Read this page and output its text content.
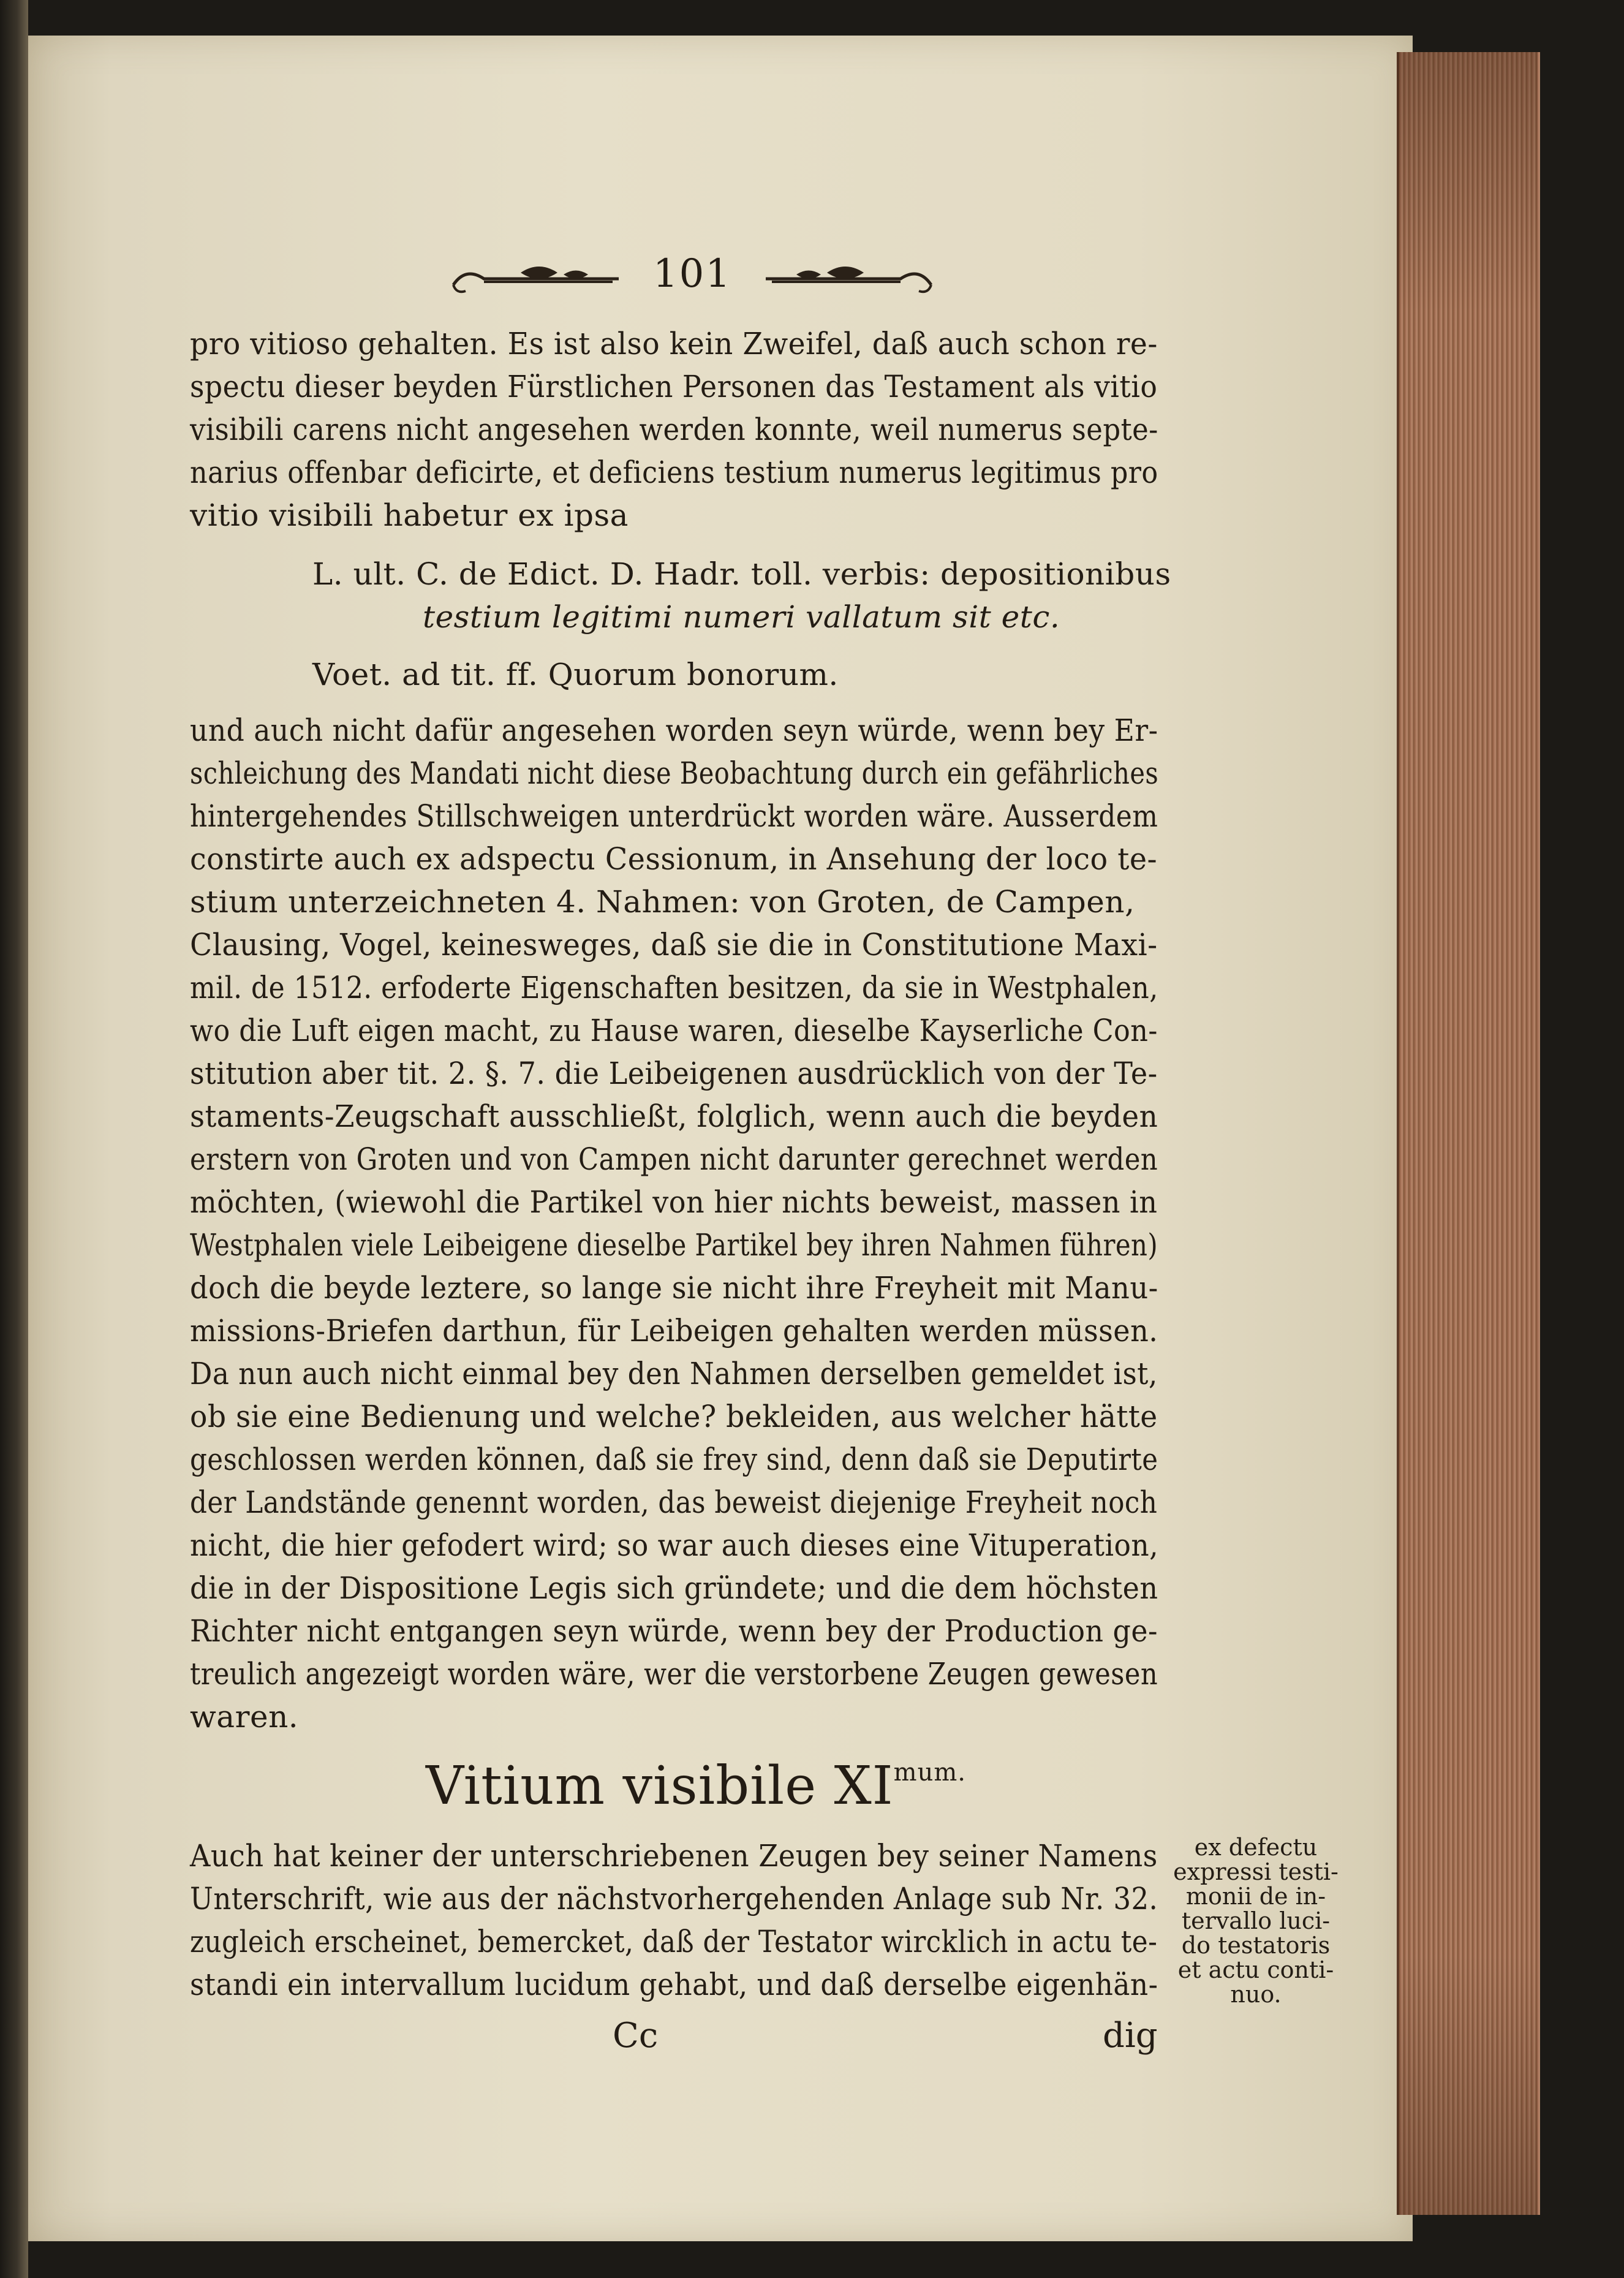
101
pro vitioso gehalten. Es ist also kein Zweifel, daß auch schon re-
spectu dieser beyden Fürstlichen Personen das Testament als vitio
visibili carens nicht angesehen werden konnte, weil numerus septe-
narius offenbar deficirte, et deficiens testium numerus legitimus pro
vitio visibili habetur ex ipsa
L. ult. C. de Edict. D. Hadr. toll. verbis: depositionibus
testium legitimi numeri vallatum sit etc.
Voet. ad tit. ff. Quorum bonorum.
und auch nicht dafür angesehen worden seyn würde, wenn bey Er-
schleichung des Mandati nicht diese Beobachtung durch ein gefährliches
hintergehendes Stillschweigen unterdrückt worden wäre. Ausserdem
constirte auch ex adspectu Cessionum, in Ansehung der loco te-
stium unterzeichneten 4. Nahmen: von Groten, de Campen,
Clausing, Vogel, keinesweges, daß sie die in Constitutione Maxi-
mil. de 1512. erfoderte Eigenschaften besitzen, da sie in Westphalen,
wo die Luft eigen macht, zu Hause waren, dieselbe Kayserliche Con-
stitution aber tit. 2. §. 7. die Leibeigenen ausdrücklich von der Te-
staments-Zeugschaft ausschließt, folglich, wenn auch die beyden
erstern von Groten und von Campen nicht darunter gerechnet werden
möchten, (wiewohl die Partikel von hier nichts beweist, massen in
Westphalen viele Leibeigene dieselbe Partikel bey ihren Nahmen führen)
doch die beyde leztere, so lange sie nicht ihre Freyheit mit Manu-
missions-Briefen darthun, für Leibeigen gehalten werden müssen.
Da nun auch nicht einmal bey den Nahmen derselben gemeldet ist,
ob sie eine Bedienung und welche? bekleiden, aus welcher hätte
geschlossen werden können, daß sie frey sind, denn daß sie Deputirte
der Landstände genennt worden, das beweist diejenige Freyheit noch
nicht, die hier gefodert wird; so war auch dieses eine Vituperation,
die in der Dispositione Legis sich gründete; und die dem höchsten
Richter nicht entgangen seyn würde, wenn bey der Production ge-
treulich angezeigt worden wäre, wer die verstorbene Zeugen gewesen
waren.
Vitium visibile $XI^{mum.}$
Auch hat keiner der unterschriebenen Zeugen bey seiner Namens
Unterschrift, wie aus der nächstvorhergehenden Anlage sub Nr. 32.
zugleich erscheinet, bemercket, daß der Testator wircklich in actu te-
standi ein intervallum lucidum gehabt, und daß derselbe eigenhän-
ex defectu
expressi testi-
monii de in-
tervallo luci-
do testatoris
et actu conti-
nuo.
Cc	dig
